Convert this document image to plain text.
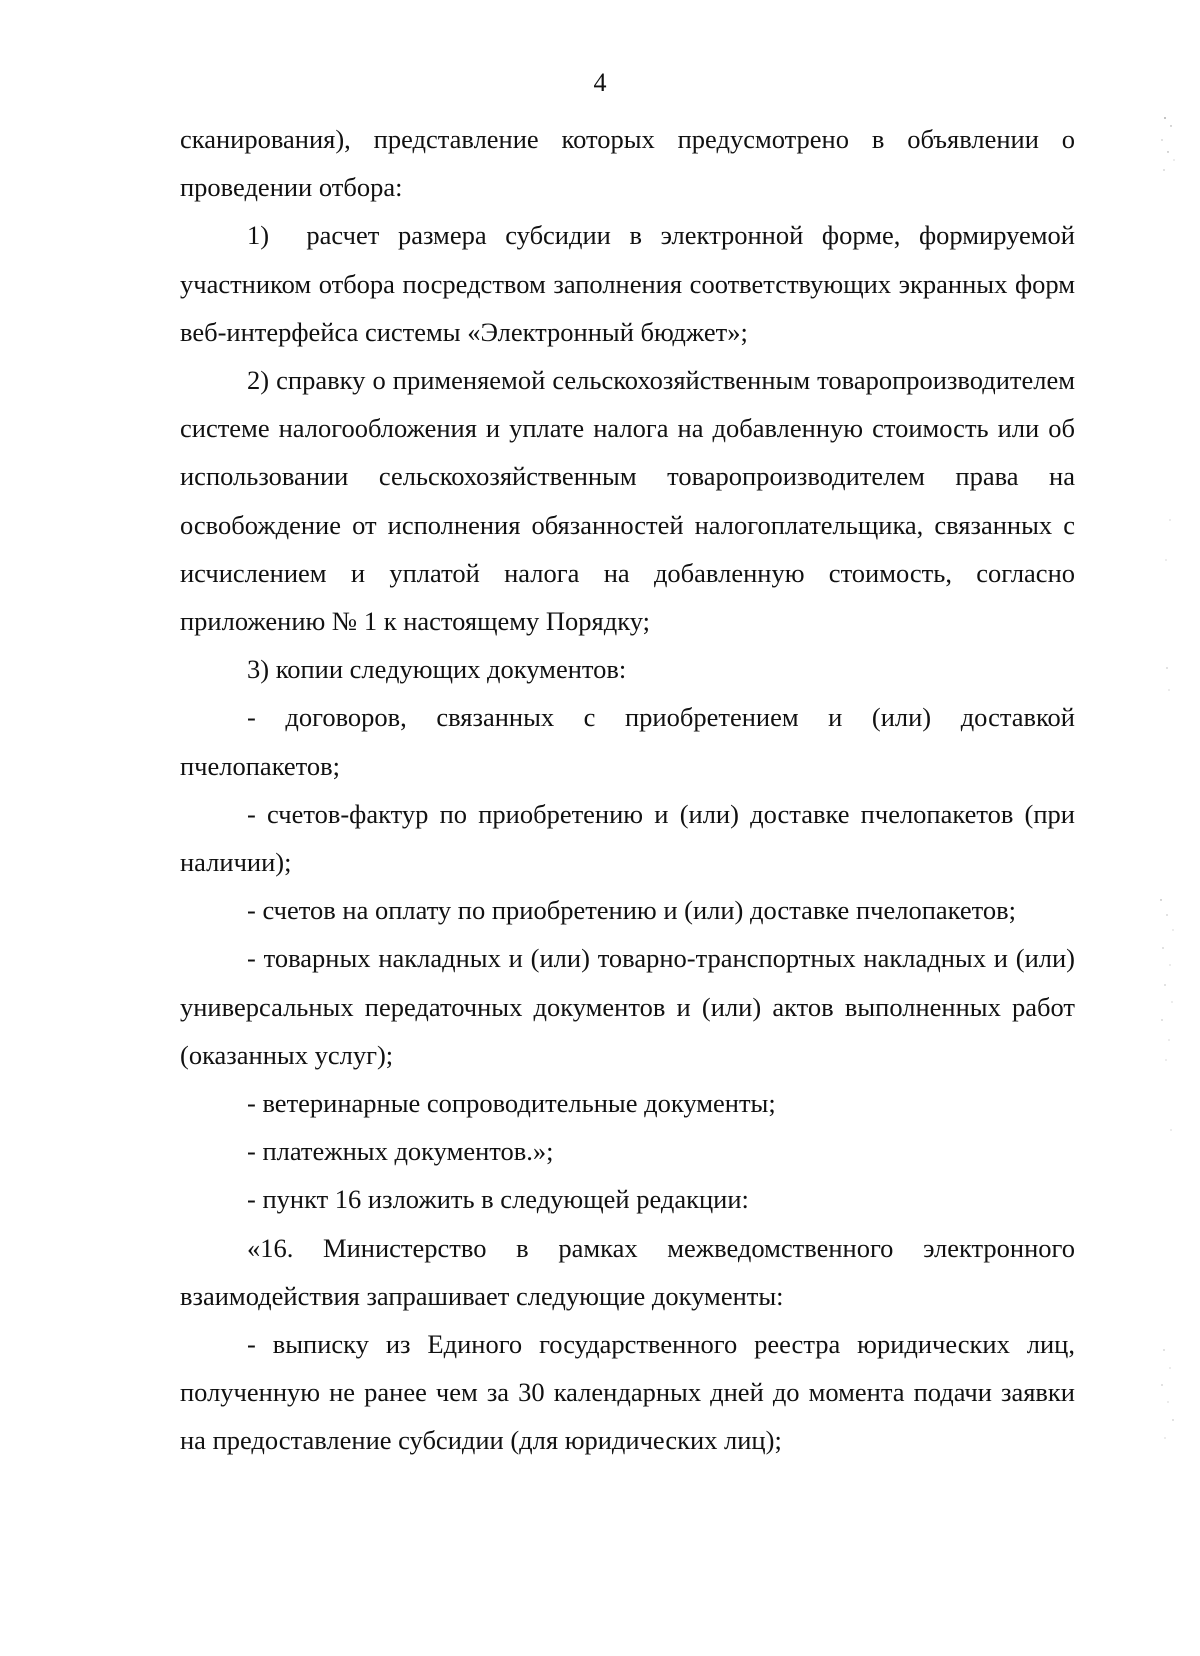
4

сканирования), представление которых предусмотрено в объявлении о проведении отбора:

1)  расчет размера субсидии в электронной форме, формируемой участником отбора посредством заполнения соответствующих экранных форм веб-интерфейса системы «Электронный бюджет»;

2) справку о применяемой сельскохозяйственным товаропроизводителем системе налогообложения и уплате налога на добавленную стоимость или об использовании сельскохозяйственным товаропроизводителем права на освобождение от исполнения обязанностей налогоплательщика, связанных с исчислением и уплатой налога на добавленную стоимость, согласно приложению № 1 к настоящему Порядку;

3) копии следующих документов:

- договоров, связанных с приобретением и (или) доставкой пчелопакетов;

- счетов-фактур по приобретению и (или) доставке пчелопакетов (при наличии);

- счетов на оплату по приобретению и (или) доставке пчелопакетов;

- товарных накладных и (или) товарно-транспортных накладных и (или) универсальных передаточных документов и (или) актов выполненных работ (оказанных услуг);

- ветеринарные сопроводительные документы;

- платежных документов.»;

- пункт 16 изложить в следующей редакции:

«16. Министерство в рамках межведомственного электронного взаимодействия запрашивает следующие документы:

- выписку из Единого государственного реестра юридических лиц, полученную не ранее чем за 30 календарных дней до момента подачи заявки на предоставление субсидии (для юридических лиц);
